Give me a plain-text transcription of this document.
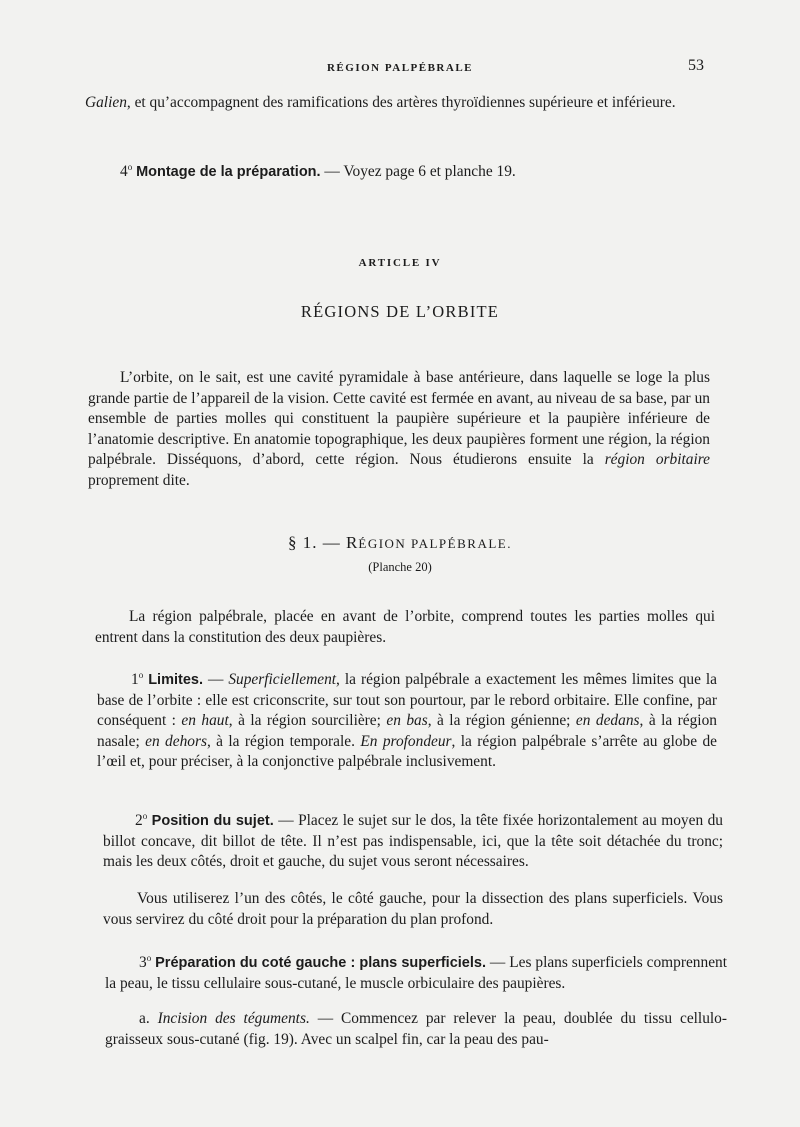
RÉGION PALPÉBRALE	53

Galien, et qu’accompagnent des ramifications des artères thyroïdiennes supérieure et inférieure.

4$^o$ Montage de la préparation. — Voyez page 6 et planche 19.

ARTICLE IV
RÉGIONS DE L’ORBITE

L’orbite, on le sait, est une cavité pyramidale à base antérieure, dans laquelle se loge la plus grande partie de l’appareil de la vision. Cette cavité est fermée en avant, au niveau de sa base, par un ensemble de parties molles qui constituent la paupière supérieure et la paupière inférieure de l’anatomie descriptive. En anatomie topographique, les deux paupières forment une région, la région palpébrale. Disséquons, d’abord, cette région. Nous étudierons ensuite la région orbitaire proprement dite.

§ 1. — RÉGION PALPÉBRALE.
(Planche 20)

La région palpébrale, placée en avant de l’orbite, comprend toutes les parties molles qui entrent dans la constitution des deux paupières.

1$^o$ Limites. — Superficiellement, la région palpébrale a exactement les mêmes limites que la base de l’orbite : elle est criconscrite, sur tout son pourtour, par le rebord orbitaire. Elle confine, par conséquent : en haut, à la région sourcilière; en bas, à la région génienne; en dedans, à la région nasale; en dehors, à la région temporale. En profondeur, la région palpébrale s’arrête au globe de l’œil et, pour préciser, à la conjonctive palpébrale inclusivement.

2$^o$ Position du sujet. — Placez le sujet sur le dos, la tête fixée horizontalement au moyen du billot concave, dit billot de tête. Il n’est pas indispensable, ici, que la tête soit détachée du tronc; mais les deux côtés, droit et gauche, du sujet vous seront nécessaires.

Vous utiliserez l’un des côtés, le côté gauche, pour la dissection des plans superficiels. Vous vous servirez du côté droit pour la préparation du plan profond.

3$^o$ Préparation du coté gauche : plans superficiels. — Les plans superficiels comprennent la peau, le tissu cellulaire sous-cutané, le muscle orbiculaire des paupières.

a. Incision des téguments. — Commencez par relever la peau, doublée du tissu cellulo-graisseux sous-cutané (fig. 19). Avec un scalpel fin, car la peau des pau-
